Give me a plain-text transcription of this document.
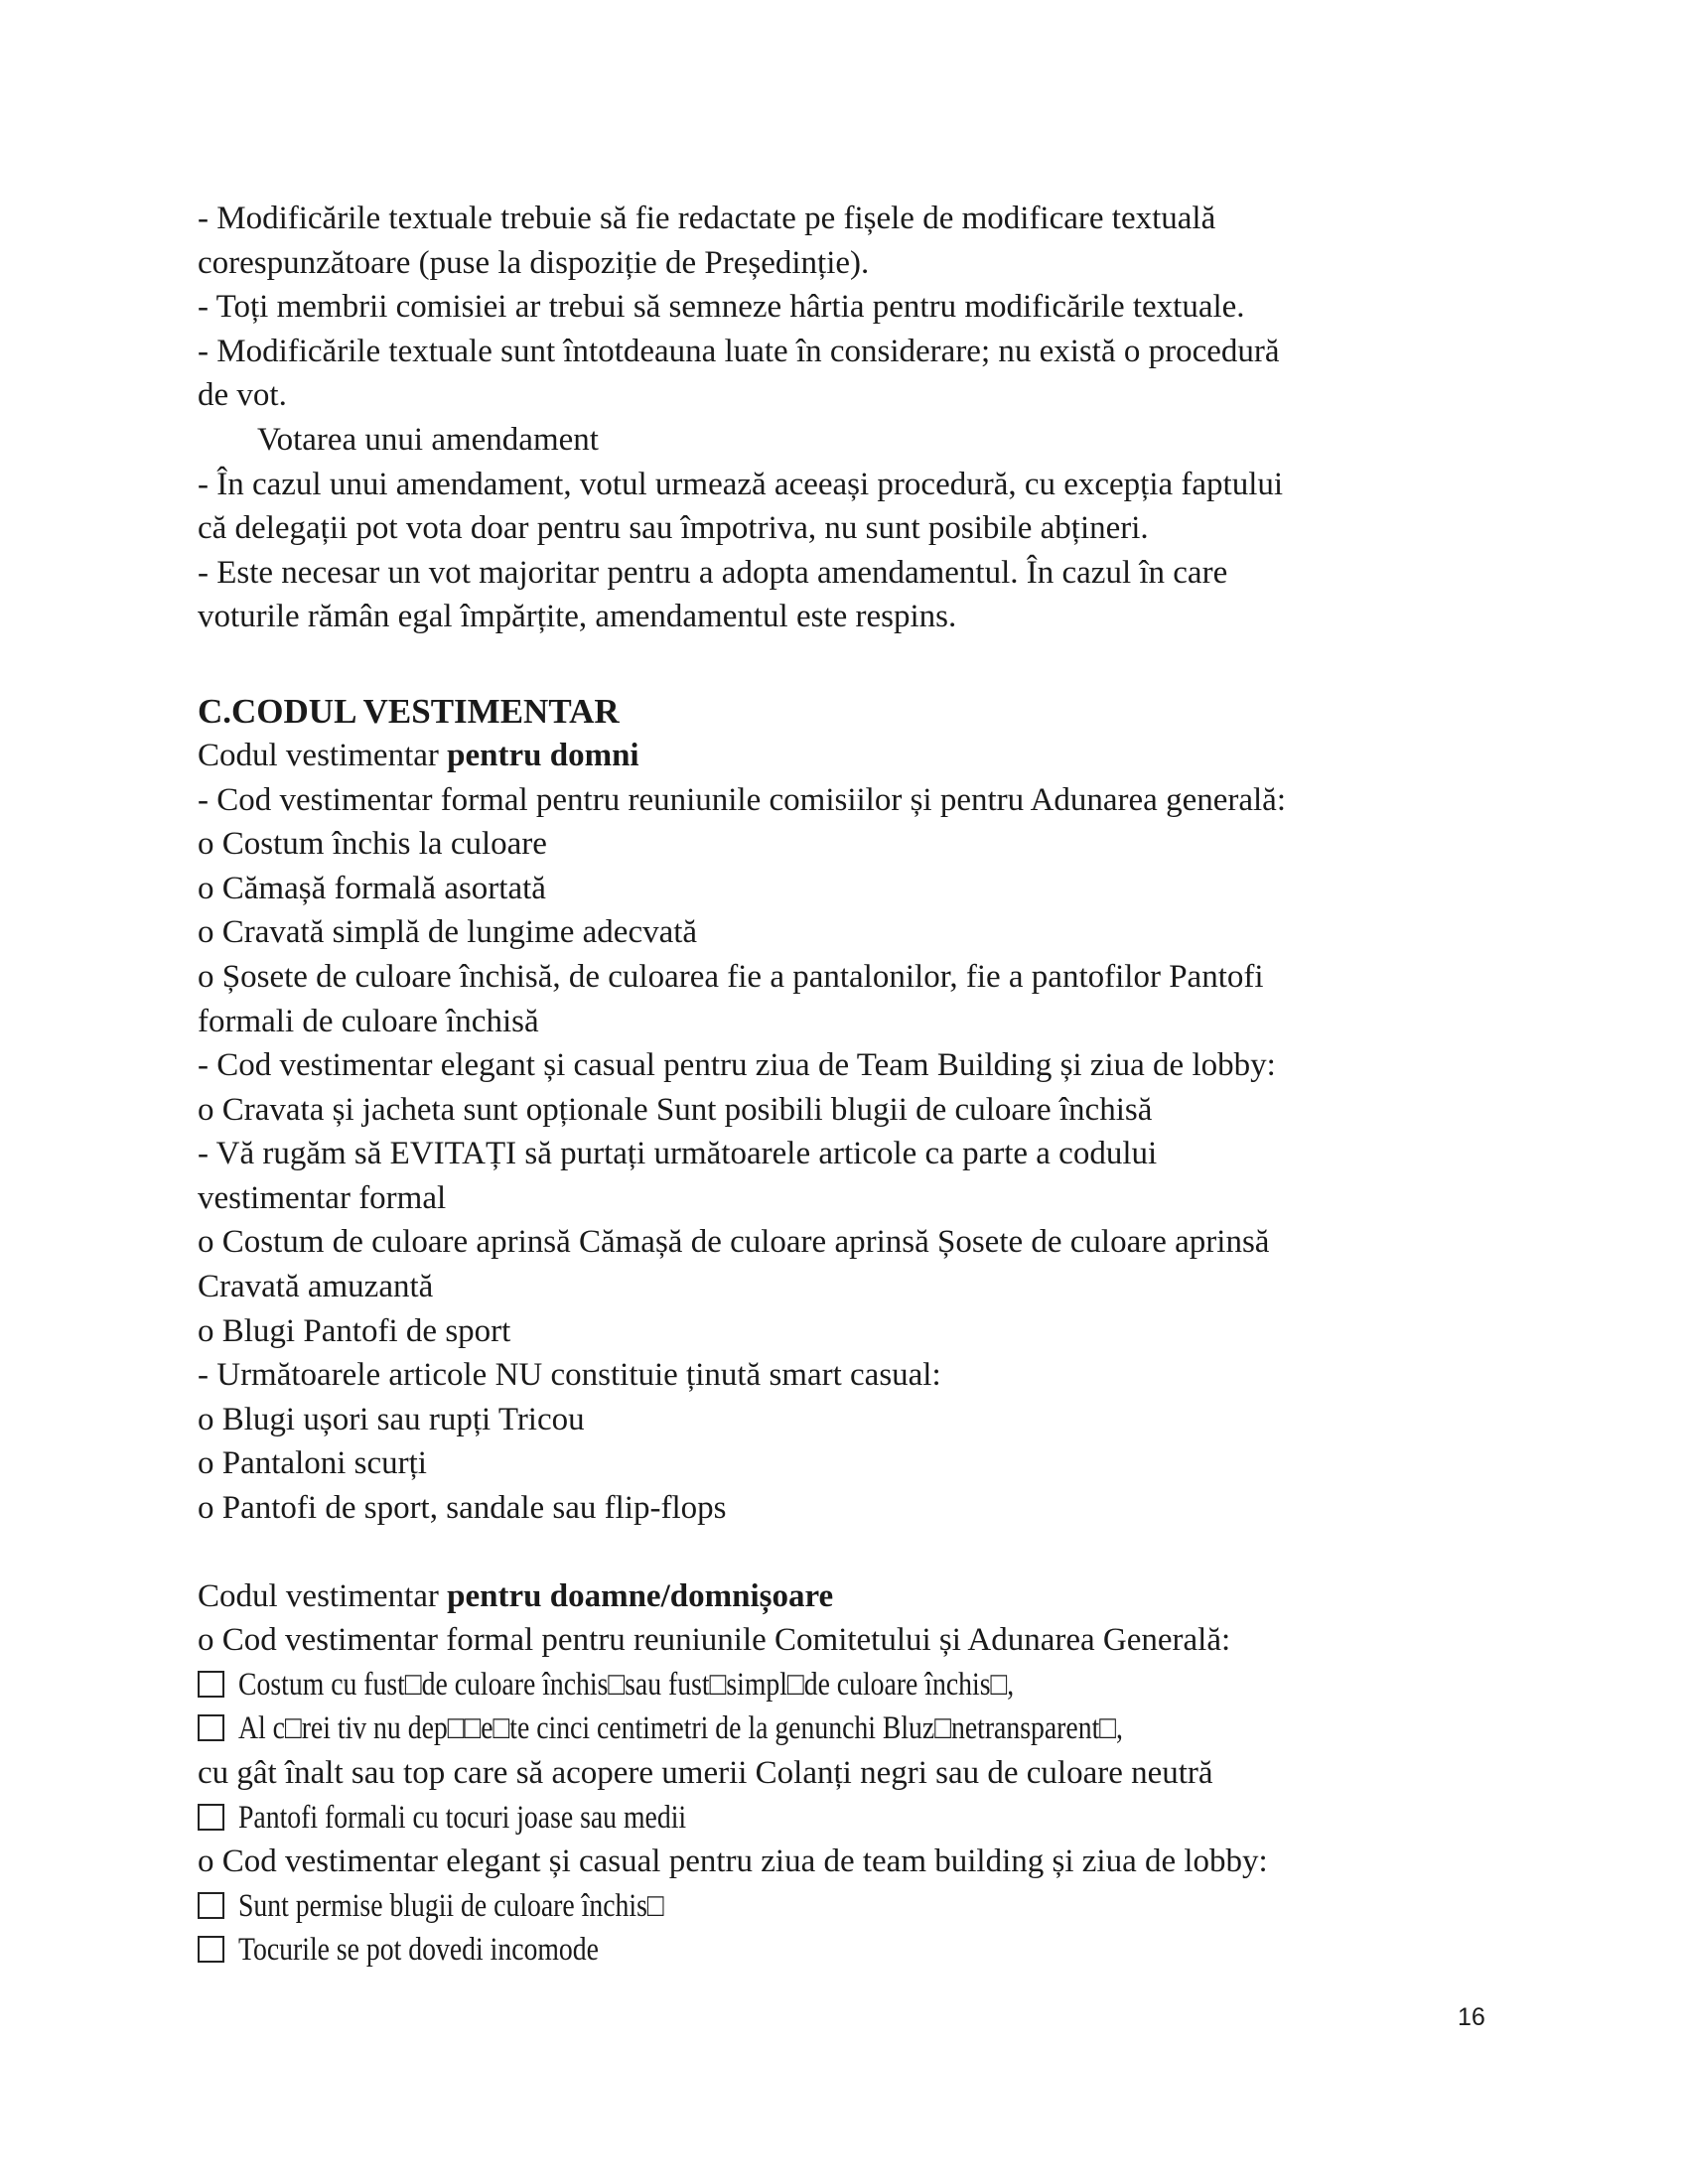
- Modificările textuale trebuie să fie redactate pe fișele de modificare textuală

corespunzătoare (puse la dispoziție de Președinție).

- Toți membrii comisiei ar trebui să semneze hârtia pentru modificările textuale.

- Modificările textuale sunt întotdeauna luate în considerare; nu există o procedură

de vot.

Votarea unui amendament

- În cazul unui amendament, votul urmează aceeași procedură, cu excepția faptului

că delegații pot vota doar pentru sau împotriva, nu sunt posibile abțineri.

- Este necesar un vot majoritar pentru a adopta amendamentul. În cazul în care

voturile rămân egal împărțite, amendamentul este respins.

C.CODUL VESTIMENTAR

Codul vestimentar pentru domni

- Cod vestimentar formal pentru reuniunile comisiilor și pentru Adunarea generală:

o Costum închis la culoare

o Cămașă formală asortată

o Cravată simplă de lungime adecvată

o Șosete de culoare închisă, de culoarea fie a pantalonilor, fie a pantofilor Pantofi

formali de culoare închisă

- Cod vestimentar elegant și casual pentru ziua de Team Building și ziua de lobby:

o Cravata și jacheta sunt opționale Sunt posibili blugii de culoare închisă

- Vă rugăm să EVITAȚI să purtați următoarele articole ca parte a codului

vestimentar formal

o Costum de culoare aprinsă Cămașă de culoare aprinsă Șosete de culoare aprinsă

Cravată amuzantă

o Blugi Pantofi de sport

- Următoarele articole NU constituie ținută smart casual:

o Blugi ușori sau rupți Tricou

o Pantaloni scurți

o Pantofi de sport, sandale sau flip-flops

Codul vestimentar pentru doamne/domnișoare

o Cod vestimentar formal pentru reuniunile Comitetului și Adunarea Generală:

Costum cu fust□de culoare închis□sau fust□simpl□de culoare închis□,

Al c□rei tiv nu dep□□e□te cinci centimetri de la genunchi Bluz□netransparent□,

cu gât înalt sau top care să acopere umerii Colanți negri sau de culoare neutră

Pantofi formali cu tocuri joase sau medii

o Cod vestimentar elegant și casual pentru ziua de team building și ziua de lobby:

Sunt permise blugii de culoare închis□

Tocurile se pot dovedi incomode

16
